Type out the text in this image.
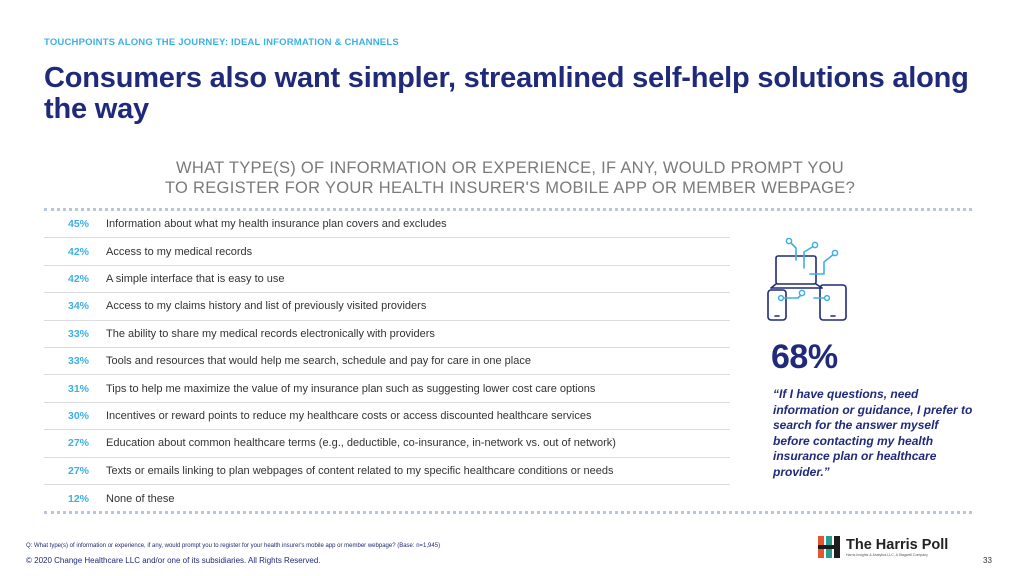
TOUCHPOINTS ALONG THE JOURNEY: IDEAL INFORMATION & CHANNELS
Consumers also want simpler, streamlined self-help solutions along the way
WHAT TYPE(S) OF INFORMATION OR EXPERIENCE, IF ANY, WOULD PROMPT YOU
TO REGISTER FOR YOUR HEALTH INSURER'S MOBILE APP OR MEMBER WEBPAGE?
45%	Information about what my health insurance plan covers and excludes
42%	Access to my medical records
42%	A simple interface that is easy to use
34%	Access to my claims history and list of previously visited providers
33%	The ability to share my medical records electronically with providers
33%	Tools and resources that would help me search, schedule and pay for care in one place
31%	Tips to help me maximize the value of my insurance plan such as suggesting lower cost care options
30%	Incentives or reward points to reduce my healthcare costs or access discounted healthcare services
27%	Education about common healthcare terms (e.g., deductible, co-insurance, in-network vs. out of network)
27%	Texts or emails linking to plan webpages of content related to my specific healthcare conditions or needs
12%	None of these
68%
“If I have questions, need information or guidance, I prefer to search for the answer myself before contacting my health insurance plan or healthcare provider.”
Q: What type(s) of information or experience, if any, would prompt you to register for your health insurer's mobile app or member webpage? (Base: n=1,945)
© 2020 Change Healthcare LLC and/or one of its subsidiaries. All Rights Reserved.
The Harris Poll
Harris Insights & Analytics LLC, A Stagwell Company
33
